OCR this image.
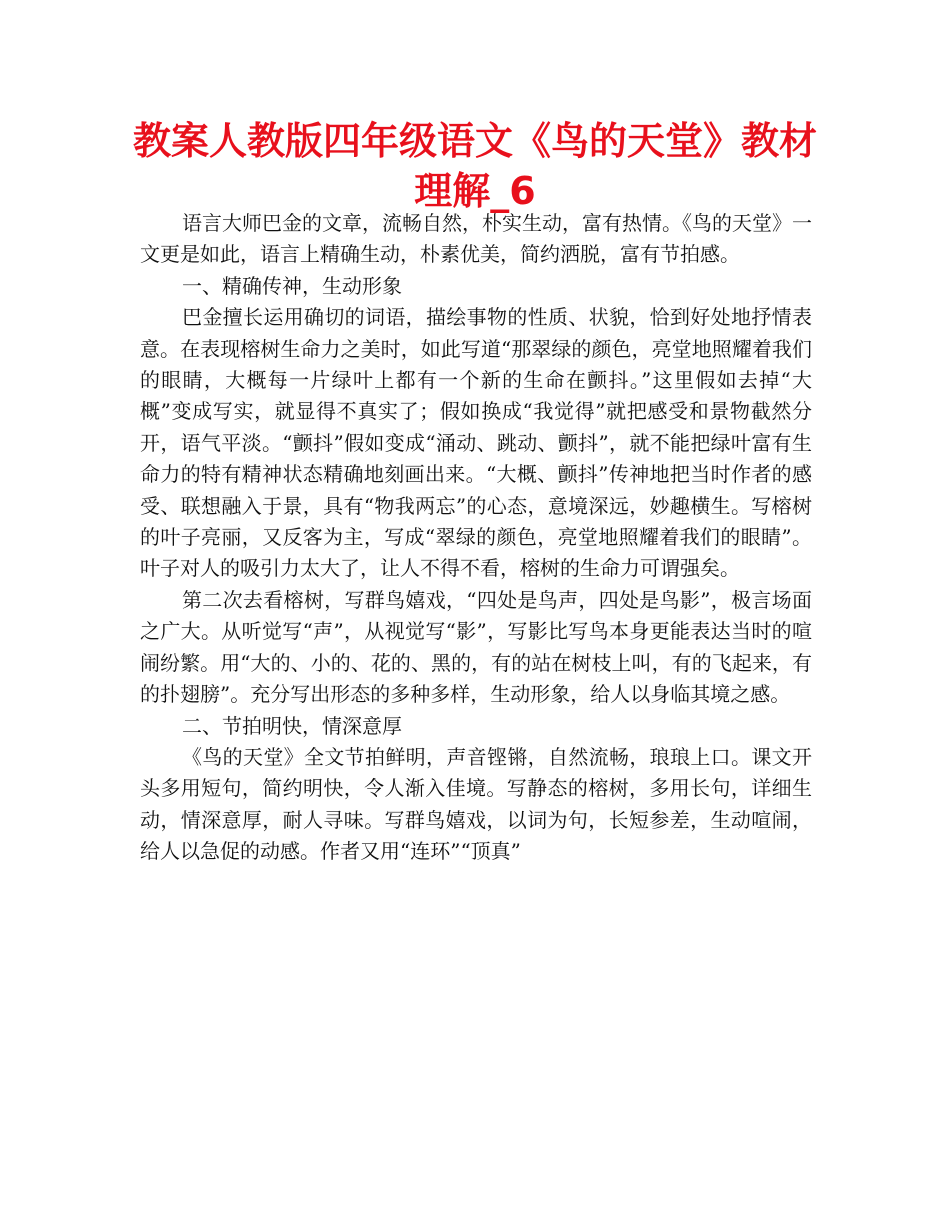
教案人教版四年级语文《鸟的天堂》教材理解_6

语言大师巴金的文章，流畅自然，朴实生动，富有热情。《鸟的天堂》一文更是如此，语言上精确生动，朴素优美，简约洒脱，富有节拍感。

一、精确传神，生动形象

巴金擅长运用确切的词语，描绘事物的性质、状貌，恰到好处地抒情表意。在表现榕树生命力之美时，如此写道“那翠绿的颜色，亮堂地照耀着我们的眼睛，大概每一片绿叶上都有一个新的生命在颤抖。”这里假如去掉“大概”变成写实，就显得不真实了；假如换成“我觉得”就把感受和景物截然分开，语气平淡。“颤抖”假如变成“涌动、跳动、颤抖”，就不能把绿叶富有生命力的特有精神状态精确地刻画出来。“大概、颤抖”传神地把当时作者的感受、联想融入于景，具有“物我两忘”的心态，意境深远，妙趣横生。写榕树的叶子亮丽，又反客为主，写成“翠绿的颜色，亮堂地照耀着我们的眼睛”。叶子对人的吸引力太大了，让人不得不看，榕树的生命力可谓强矣。

第二次去看榕树，写群鸟嬉戏，“四处是鸟声，四处是鸟影”，极言场面之广大。从听觉写“声”，从视觉写“影”，写影比写鸟本身更能表达当时的喧闹纷繁。用“大的、小的、花的、黑的，有的站在树枝上叫，有的飞起来，有的扑翅膀”。充分写出形态的多种多样，生动形象，给人以身临其境之感。

二、节拍明快，情深意厚

《鸟的天堂》全文节拍鲜明，声音铿锵，自然流畅，琅琅上口。课文开头多用短句，简约明快，令人渐入佳境。写静态的榕树，多用长句，详细生动，情深意厚，耐人寻味。写群鸟嬉戏，以词为句，长短参差，生动喧闹，给人以急促的动感。作者又用“连环”“顶真”
